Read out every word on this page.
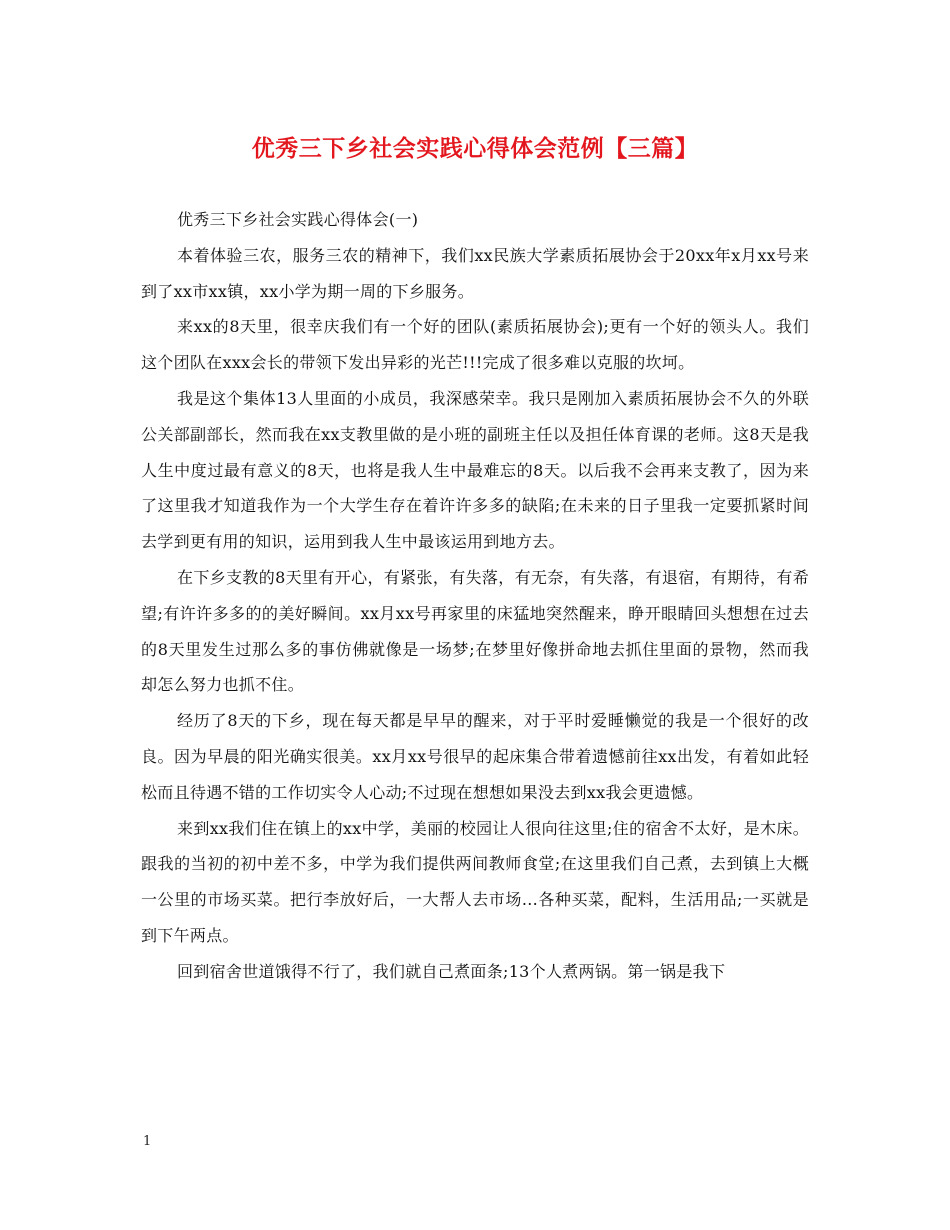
优秀三下乡社会实践心得体会范例【三篇】

优秀三下乡社会实践心得体会(一)

本着体验三农，服务三农的精神下，我们xx民族大学素质拓展协会于20xx年x月xx号来到了xx市xx镇，xx小学为期一周的下乡服务。

来xx的8天里，很幸庆我们有一个好的团队(素质拓展协会);更有一个好的领头人。我们这个团队在xxx会长的带领下发出异彩的光芒!!!完成了很多难以克服的坎坷。

我是这个集体13人里面的小成员，我深感荣幸。我只是刚加入素质拓展协会不久的外联公关部副部长，然而我在xx支教里做的是小班的副班主任以及担任体育课的老师。这8天是我人生中度过最有意义的8天，也将是我人生中最难忘的8天。以后我不会再来支教了，因为来了这里我才知道我作为一个大学生存在着许许多多的缺陷;在未来的日子里我一定要抓紧时间去学到更有用的知识，运用到我人生中最该运用到地方去。

在下乡支教的8天里有开心，有紧张，有失落，有无奈，有失落，有退宿，有期待，有希望;有许许多多的的美好瞬间。xx月xx号再家里的床猛地突然醒来，睁开眼睛回头想想在过去的8天里发生过那么多的事仿佛就像是一场梦;在梦里好像拼命地去抓住里面的景物，然而我却怎么努力也抓不住。

经历了8天的下乡，现在每天都是早早的醒来，对于平时爱睡懒觉的我是一个很好的改良。因为早晨的阳光确实很美。xx月xx号很早的起床集合带着遗憾前往xx出发，有着如此轻松而且待遇不错的工作切实令人心动;不过现在想想如果没去到xx我会更遗憾。

来到xx我们住在镇上的xx中学，美丽的校园让人很向往这里;住的宿舍不太好，是木床。跟我的当初的初中差不多，中学为我们提供两间教师食堂;在这里我们自己煮，去到镇上大概一公里的市场买菜。把行李放好后，一大帮人去市场...各种买菜，配料，生活用品;一买就是到下午两点。

回到宿舍世道饿得不行了，我们就自己煮面条;13个人煮两锅。第一锅是我下

1
